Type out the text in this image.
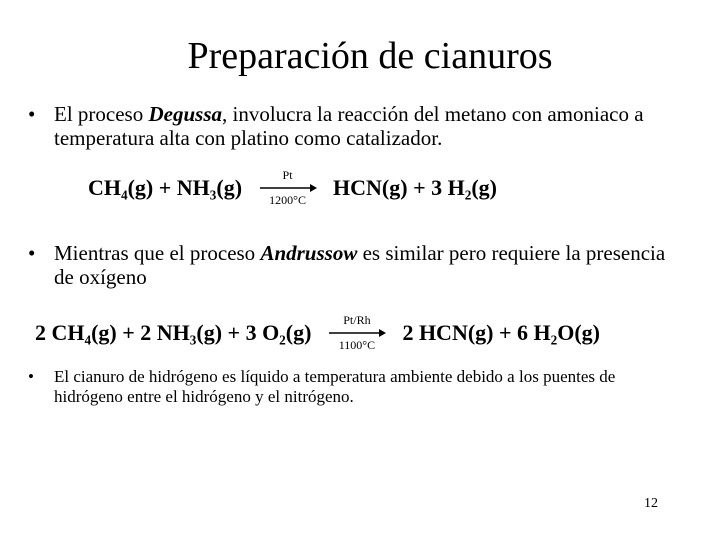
Preparación de cianuros
• El proceso Degussa, involucra la reacción del metano con amoniaco a temperatura alta con platino como catalizador.
CH₄(g) + NH₃(g)	Pt
1200°C	HCN(g) + 3 H₂(g)
• Mientras que el proceso Andrussow es similar pero requiere la presencia de oxígeno
2 CH₄(g) + 2 NH₃(g) + 3 O₂(g)	Pt/Rh
1100°C	2 HCN(g) + 6 H₂O(g)
•	El cianuro de hidrógeno es líquido a temperatura ambiente debido a los puentes de hidrógeno entre el hidrógeno y el nitrógeno.
12
